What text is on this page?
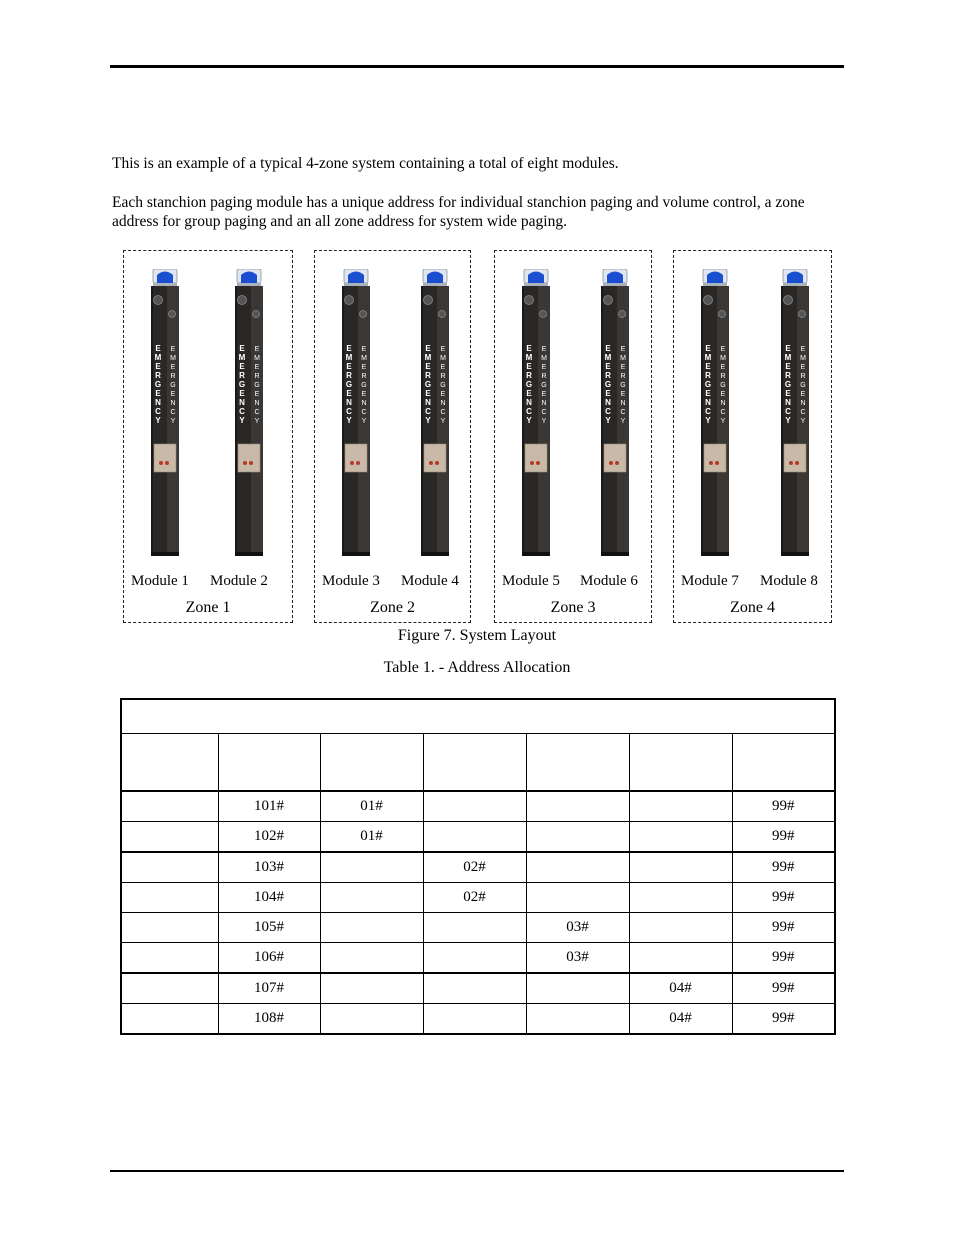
This is an example of a typical 4-zone system containing a total of eight modules.

Each stanchion paging module has a unique address for individual stanchion paging and volume control, a zone address for group paging and an all zone address for system wide paging.

E E
M M
E E
R R
G G
E E
N N
C C
Y Y
E E
M M
E E
R R
G G
E E
N N
C C
Y Y
Module 1 Module 2
Zone 1
E E
M M
E E
R R
G G
E E
N N
C C
Y Y
E E
M M
E E
R R
G G
E E
N N
C C
Y Y
Module 3 Module 4
Zone 2
E E
M M
E E
R R
G G
E E
N N
C C
Y Y
E E
M M
E E
R R
G G
E E
N N
C C
Y Y
Module 5 Module 6
Zone 3
E E
M M
E E
R R
G G
E E
N N
C C
Y Y
E E
M M
E E
R R
G G
E E
N N
C C
Y Y
Module 7 Module 8
Zone 4
Figure 7. System Layout
Table 1. - Address Allocation

	101#	01#				99#
	102#	01#				99#
	103#		02#			99#
	104#		02#			99#
	105#			03#		99#
	106#			03#		99#
	107#				04#	99#
	108#				04#	99#
